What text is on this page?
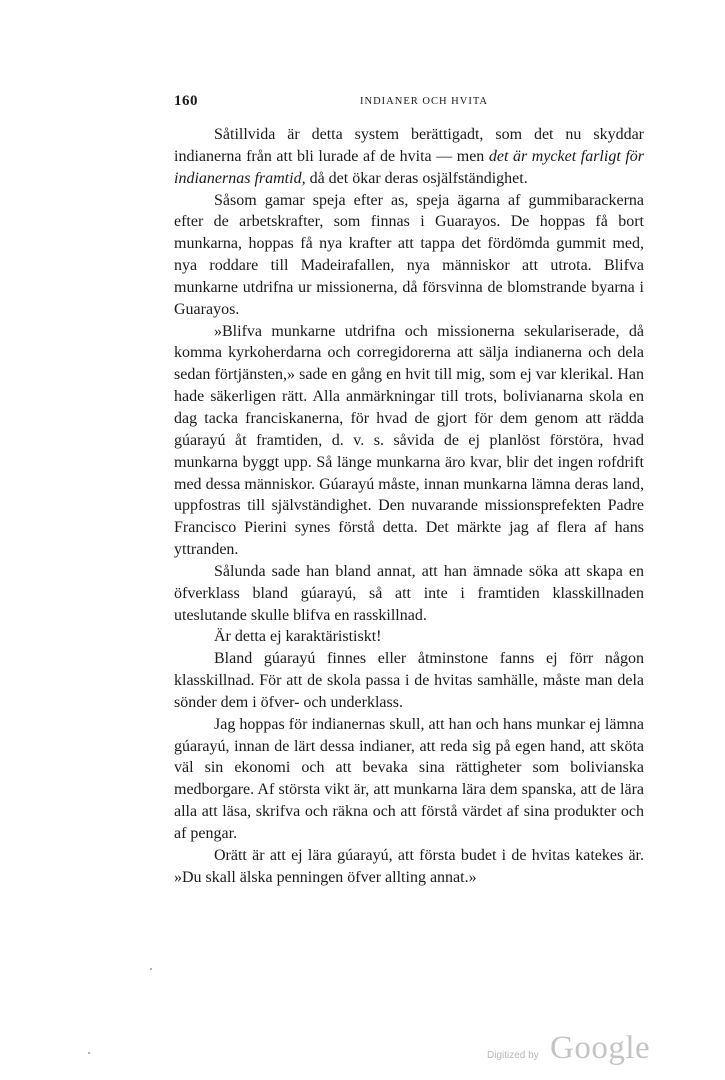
160	INDIANER OCH HVITA

Såtillvida är detta system berättigadt, som det nu skyddar indianerna från att bli lurade af de hvita — men det är mycket farligt för indianernas framtid, då det ökar deras osjälfständighet.

Såsom gamar speja efter as, speja ägarna af gummibarackerna efter de arbetskrafter, som finnas i Guarayos. De hoppas få bort munkarna, hoppas få nya krafter att tappa det fördömda gummit med, nya roddare till Madeirafallen, nya människor att utrota. Blifva munkarne utdrifna ur missionerna, då försvinna de blomstrande byarna i Guarayos.

»Blifva munkarne utdrifna och missionerna sekulariserade, då komma kyrkoherdarna och corregidorerna att sälja indianerna och dela sedan förtjänsten,» sade en gång en hvit till mig, som ej var klerikal. Han hade säkerligen rätt. Alla anmärkningar till trots, bolivianarna skola en dag tacka franciskanerna, för hvad de gjort för dem genom att rädda gúarayú åt framtiden, d. v. s. såvida de ej planlöst förstöra, hvad munkarna byggt upp. Så länge munkarna äro kvar, blir det ingen rofdrift med dessa människor. Gúarayú måste, innan munkarna lämna deras land, uppfostras till självständighet. Den nuvarande missionsprefekten Padre Francisco Pierini synes förstå detta. Det märkte jag af flera af hans yttranden.

Sålunda sade han bland annat, att han ämnade söka att skapa en öfverklass bland gúarayú, så att inte i framtiden klasskillnaden uteslutande skulle blifva en rasskillnad.

Är detta ej karaktäristiskt!

Bland gúarayú finnes eller åtminstone fanns ej förr någon klasskillnad. För att de skola passa i de hvitas samhälle, måste man dela sönder dem i öfver- och underklass.

Jag hoppas för indianernas skull, att han och hans munkar ej lämna gúarayú, innan de lärt dessa indianer, att reda sig på egen hand, att sköta väl sin ekonomi och att bevaka sina rättigheter som bolivianska medborgare. Af största vikt är, att munkarna lära dem spanska, att de lära alla att läsa, skrifva och räkna och att förstå värdet af sina produkter och af pengar.

Orätt är att ej lära gúarayú, att första budet i de hvitas katekes är. »Du skall älska penningen öfver allting annat.»

Digitized by Google
